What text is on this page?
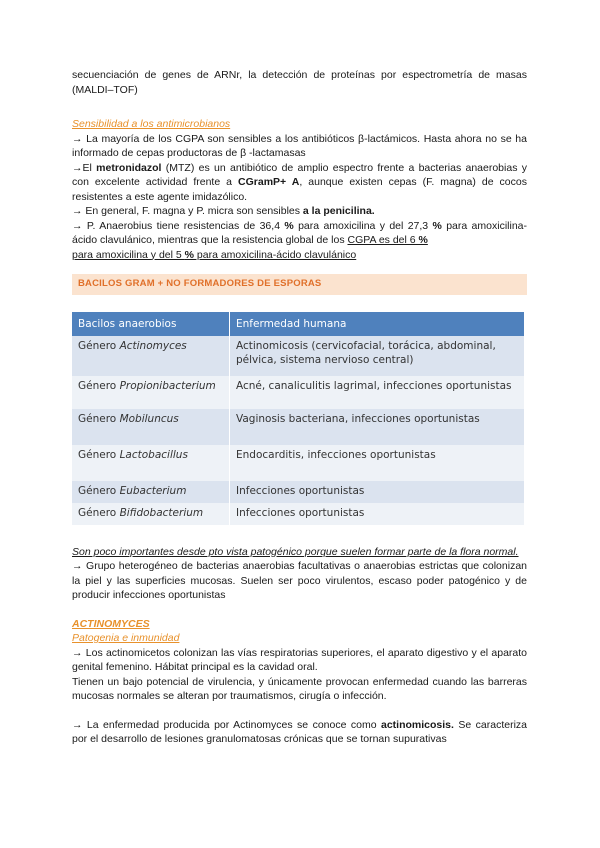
secuenciación de genes de ARNr, la detección de proteínas por espectrometría de masas (MALDI–TOF)

Sensibilidad a los antimicrobianos

→ La mayoría de los CGPA son sensibles a los antibióticos β-lactámicos. Hasta ahora no se ha informado de cepas productoras de β -lactamasas

→El metronidazol (MTZ) es un antibiótico de amplio espectro frente a bacterias anaerobias y con excelente actividad frente a CGramP+ A, aunque existen cepas (F. magna) de cocos resistentes a este agente imidazólico.

→ En general, F. magna y P. micra son sensibles a la penicilina.

→ P. Anaerobius tiene resistencias de 36,4 % para amoxicilina y del 27,3 % para amoxicilina-ácido clavulánico, mientras que la resistencia global de los CGPA es del 6 %
para amoxicilina y del 5 % para amoxicilina-ácido clavulánico

BACILOS GRAM + NO FORMADORES DE ESPORAS
Bacilos anaerobios	Enfermedad humana
Género Actinomyces	Actinomicosis (cervicofacial, torácica, abdominal, pélvica, sistema nervioso central)
Género Propionibacterium	Acné, canaliculitis lagrimal, infecciones oportunistas
Género Mobiluncus	Vaginosis bacteriana, infecciones oportunistas
Género Lactobacillus	Endocarditis, infecciones oportunistas
Género Eubacterium	Infecciones oportunistas
Género Bifidobacterium	Infecciones oportunistas

Son poco importantes desde pto vista patogénico porque suelen formar parte de la flora normal.

→ Grupo heterogéneo de bacterias anaerobias facultativas o anaerobias estrictas que colonizan la piel y las superficies mucosas. Suelen ser poco virulentos, escaso poder patogénico y de producir infecciones oportunistas

ACTINOMYCES

Patogenia e inmunidad

→ Los actinomicetos colonizan las vías respiratorias superiores, el aparato digestivo y el aparato genital femenino. Hábitat principal es la cavidad oral.

Tienen un bajo potencial de virulencia, y únicamente provocan enfermedad cuando las barreras mucosas normales se alteran por traumatismos, cirugía o infección.

→ La enfermedad producida por Actinomyces se conoce como actinomicosis. Se caracteriza por el desarrollo de lesiones granulomatosas crónicas que se tornan supurativas
